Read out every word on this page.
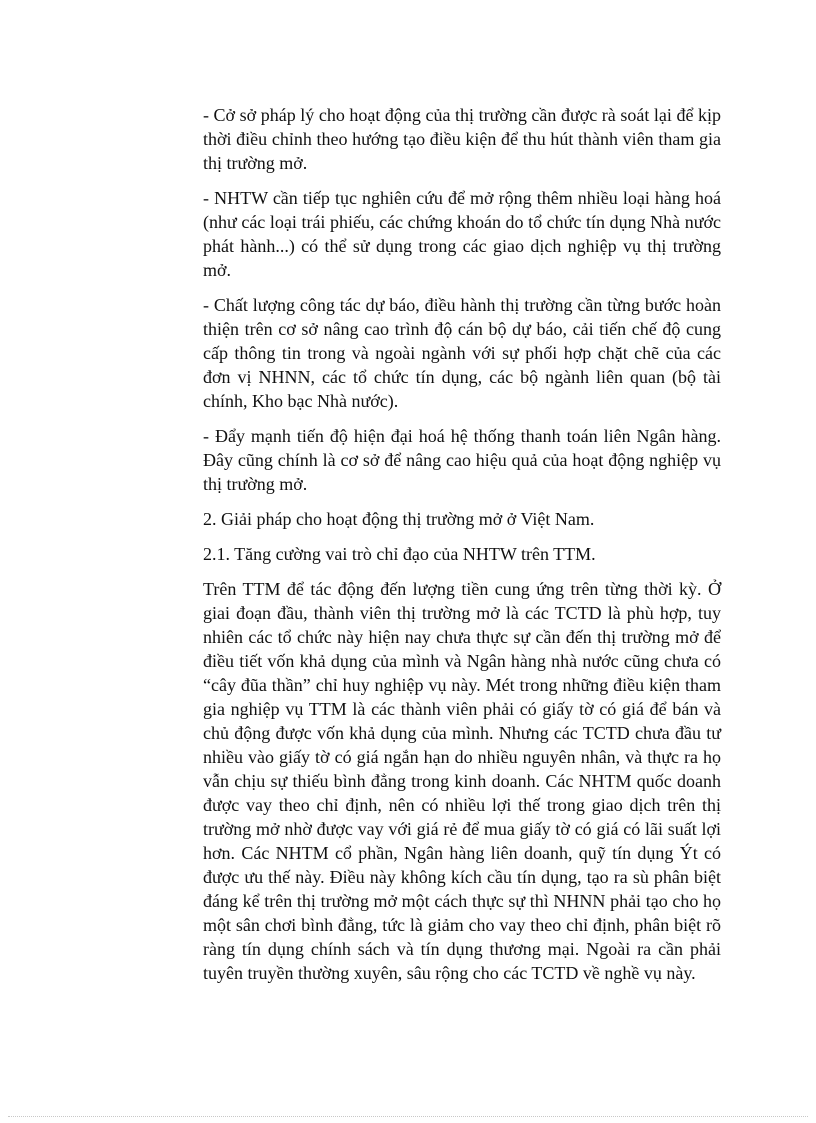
- Cở sở pháp lý cho hoạt động của thị trường cần được rà soát lại để kịp thời điều chỉnh theo hướng tạo điều kiện để thu hút thành viên tham gia thị trường mở.

- NHTW cần tiếp tục nghiên cứu để mở rộng thêm nhiều loại hàng hoá (như các loại trái phiếu, các chứng khoán do tổ chức tín dụng Nhà nước phát hành...) có thể sử dụng trong các giao dịch nghiệp vụ thị trường mở.

- Chất lượng công tác dự báo, điều hành thị trường cần từng bước hoàn thiện trên cơ sở nâng cao trình độ cán bộ dự báo, cải tiến chế độ cung cấp thông tin trong và ngoài ngành với sự phối hợp chặt chẽ của các đơn vị NHNN, các tổ chức tín dụng, các bộ ngành liên quan (bộ tài chính, Kho bạc Nhà nước).

- Đẩy mạnh tiến độ hiện đại hoá hệ thống thanh toán liên Ngân hàng. Đây cũng chính là cơ sở để nâng cao hiệu quả của hoạt động nghiệp vụ thị trường mở.

2. Giải pháp cho hoạt động thị trường mở ở Việt Nam.

2.1. Tăng cường vai trò chỉ đạo của NHTW trên TTM.

Trên TTM để tác động đến lượng tiền cung ứng trên từng thời kỳ. Ở giai đoạn đầu, thành viên thị trường mở là các TCTD là phù hợp, tuy nhiên các tổ chức này hiện nay chưa thực sự cần đến thị trường mở để điều tiết vốn khả dụng của mình và Ngân hàng nhà nước cũng chưa có “cây đũa thần” chỉ huy nghiệp vụ này. Mét trong những điều kiện tham gia nghiệp vụ TTM là các thành viên phải có giấy tờ có giá để bán và chủ động được vốn khả dụng của mình. Nhưng các TCTD chưa đầu tư nhiều vào giấy tờ có giá ngắn hạn do nhiều nguyên nhân, và thực ra họ vẫn chịu sự thiếu bình đẳng trong kinh doanh. Các NHTM quốc doanh được vay theo chỉ định, nên có nhiều lợi thế trong giao dịch trên thị trường mở nhờ được vay với giá rẻ để mua giấy tờ có giá có lãi suất lợi hơn. Các NHTM cổ phần, Ngân hàng liên doanh, quỹ tín dụng Ýt có được ưu thế này. Điều này không kích cầu tín dụng, tạo ra sù phân biệt đáng kể trên thị trường mở một cách thực sự thì NHNN phải tạo cho họ một sân chơi bình đẳng, tức là giảm cho vay theo chỉ định, phân biệt rõ ràng tín dụng chính sách và tín dụng thương mại. Ngoài ra cần phải tuyên truyền thường xuyên, sâu rộng cho các TCTD về nghề vụ này.
